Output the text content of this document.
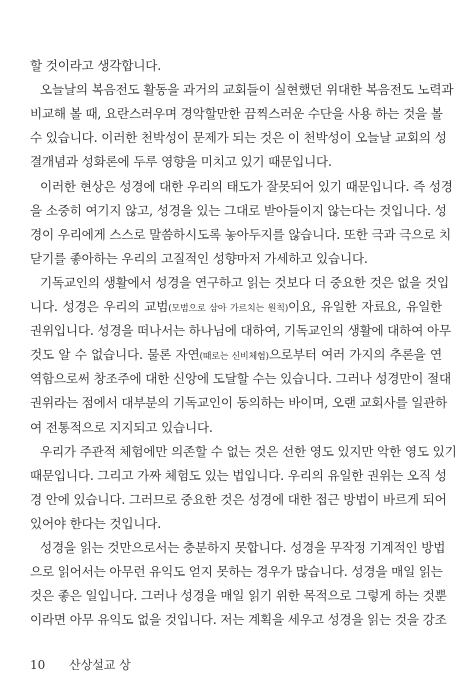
할 것이라고 생각합니다.
오늘날의 복음전도 활동을 과거의 교회들이 실현했던 위대한 복음전도 노력과
비교해 볼 때, 요란스러우며 경악할만한 끔찍스러운 수단을 사용 하는 것을 볼
수 있습니다. 이러한 천박성이 문제가 되는 것은 이 천박성이 오늘날 교회의 성
결개념과 성화론에 두루 영향을 미치고 있기 때문입니다.
이러한 현상은 성경에 대한 우리의 태도가 잘못되어 있기 때문입니다. 즉 성경
을 소중히 여기지 않고, 성경을 있는 그대로 받아들이지 않는다는 것입니다. 성
경이 우리에게 스스로 말씀하시도록 놓아두지를 않습니다. 또한 극과 극으로 치
닫기를 좋아하는 우리의 고질적인 성향마저 가세하고 있습니다.
기독교인의 생활에서 성경을 연구하고 읽는 것보다 더 중요한 것은 없을 것입
니다. 성경은 우리의 교범(모범으로 삼아 가르치는 원칙)이요, 유일한 자료요, 유일한
권위입니다. 성경을 떠나서는 하나님에 대하여, 기독교인의 생활에 대하여 아무
것도 알 수 없습니다. 물론 자연(때로는 신비체험)으로부터 여러 가지의 추론을 연
역함으로써 창조주에 대한 신앙에 도달할 수는 있습니다. 그러나 성경만이 절대
권위라는 점에서 대부분의 기독교인이 동의하는 바이며, 오랜 교회사를 일관하
여 전통적으로 지지되고 있습니다.
우리가 주관적 체험에만 의존할 수 없는 것은 선한 영도 있지만 악한 영도 있기
때문입니다. 그리고 가짜 체험도 있는 법입니다. 우리의 유일한 권위는 오직 성
경 안에 있습니다. 그러므로 중요한 것은 성경에 대한 접근 방법이 바르게 되어
있어야 한다는 것입니다.
성경을 읽는 것만으로서는 충분하지 못합니다. 성경을 무작정 기계적인 방법
으로 읽어서는 아무런 유익도 얻지 못하는 경우가 많습니다. 성경을 매일 읽는
것은 좋은 일입니다. 그러나 성경을 매일 읽기 위한 목적으로 그렇게 하는 것뿐
이라면 아무 유익도 없을 것입니다. 저는 계획을 세우고 성경을 읽는 것을 강조
10 산상설교 상
